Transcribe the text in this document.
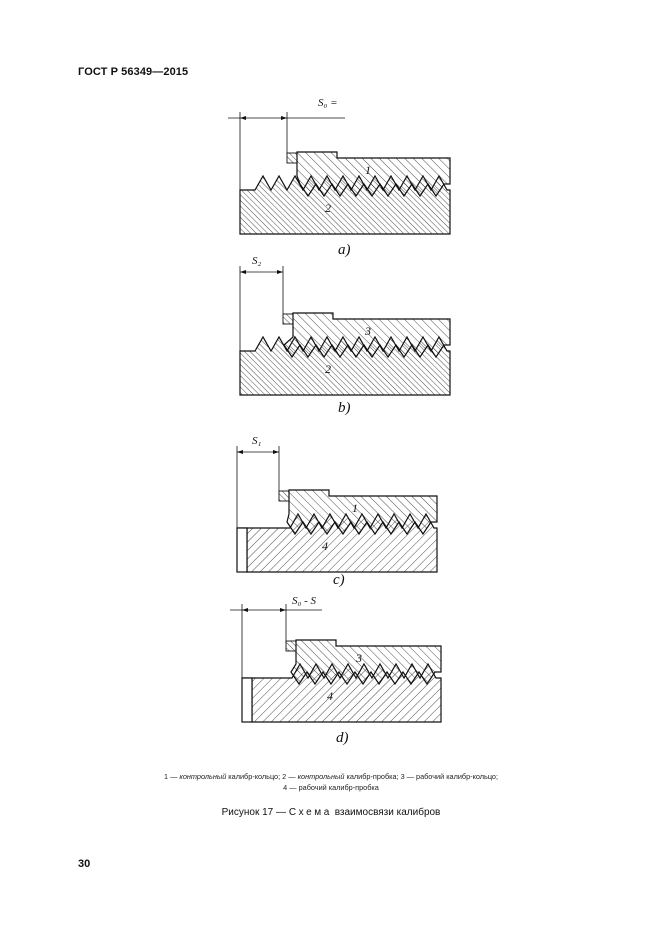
ГОСТ Р 56349—2015
S₀ =
1
2
a)
S₂
3
2
b)
S₁
1
4
c)
S₀ - S
3
4
d)
1 — контрольный калибр-кольцо; 2 — контрольный калибр-пробка; 3 — рабочий калибр-кольцо;
4 — рабочий калибр-пробка
Рисунок 17 — Схема взаимосвязи калибров
30
